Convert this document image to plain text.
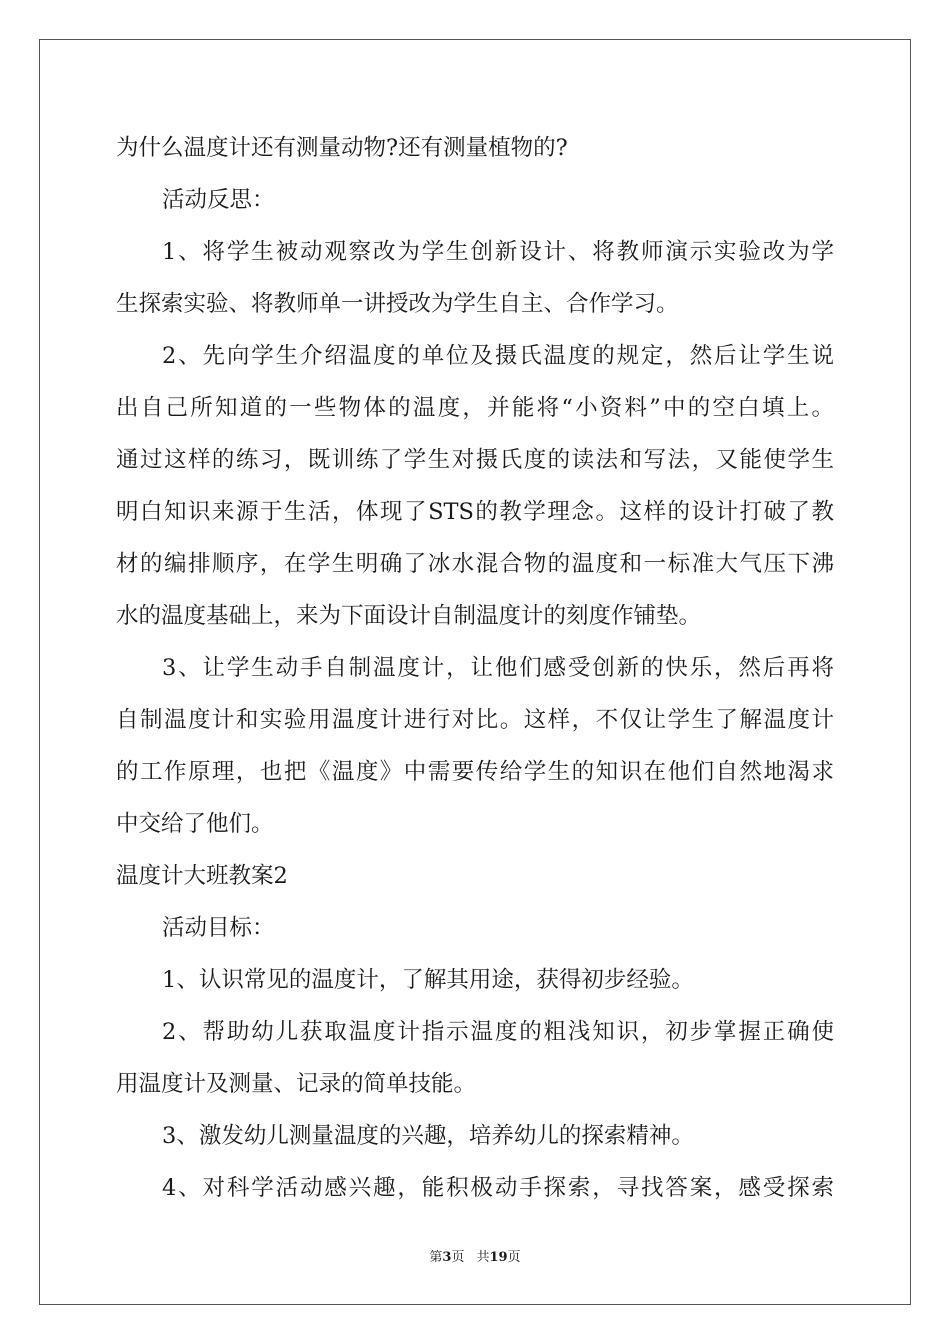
为什么温度计还有测量动物?还有测量植物的?
活动反思：
1、将学生被动观察改为学生创新设计、将教师演示实验改为学
生探索实验、将教师单一讲授改为学生自主、合作学习。
2、先向学生介绍温度的单位及摄氏温度的规定，然后让学生说
出自己所知道的一些物体的温度，并能将“小资料”中的空白填上。
通过这样的练习，既训练了学生对摄氏度的读法和写法，又能使学生
明白知识来源于生活，体现了STS的教学理念。这样的设计打破了教
材的编排顺序，在学生明确了冰水混合物的温度和一标准大气压下沸
水的温度基础上，来为下面设计自制温度计的刻度作铺垫。
3、让学生动手自制温度计，让他们感受创新的快乐，然后再将
自制温度计和实验用温度计进行对比。这样，不仅让学生了解温度计
的工作原理，也把《温度》中需要传给学生的知识在他们自然地渴求
中交给了他们。
温度计大班教案2
活动目标：
1、认识常见的温度计，了解其用途，获得初步经验。
2、帮助幼儿获取温度计指示温度的粗浅知识，初步掌握正确使
用温度计及测量、记录的简单技能。
3、激发幼儿测量温度的兴趣，培养幼儿的探索精神。
4、对科学活动感兴趣，能积极动手探索，寻找答案，感受探索
第3页 共19页
